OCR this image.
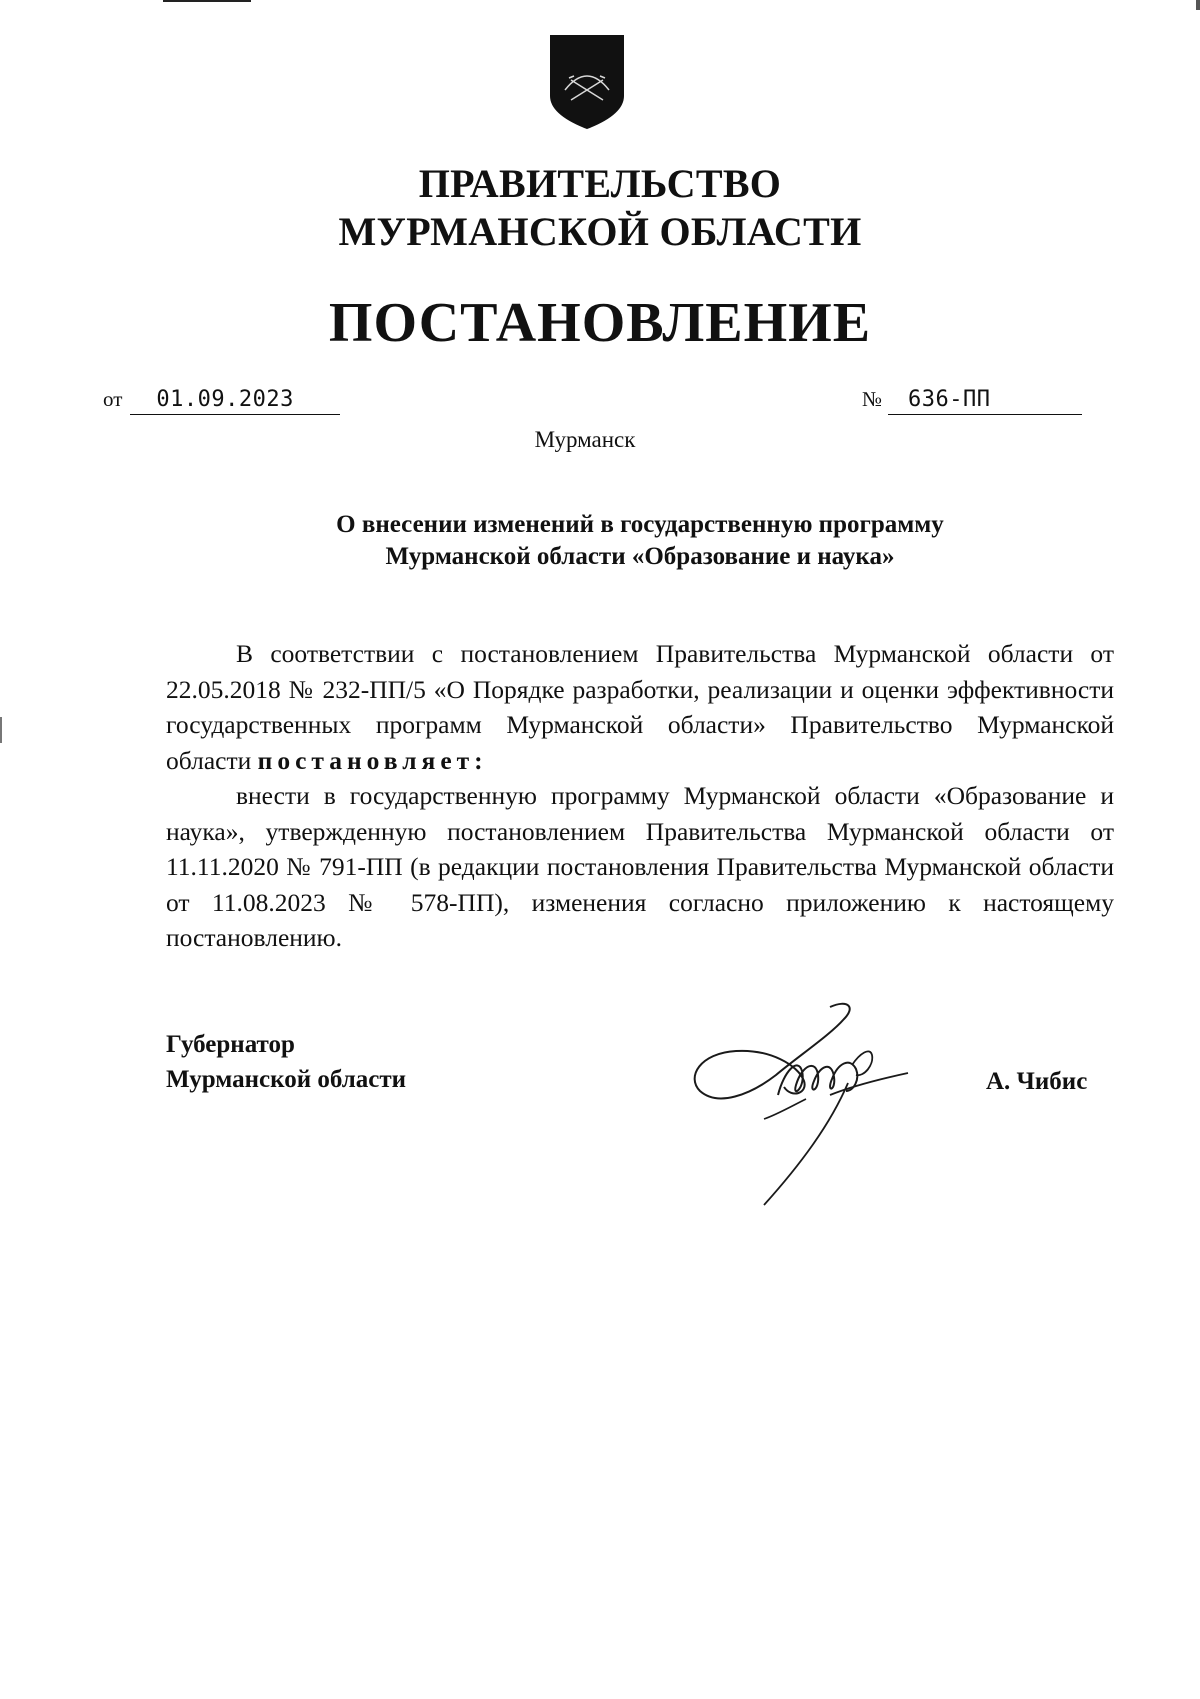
ПРАВИТЕЛЬСТВО
МУРМАНСКОЙ ОБЛАСТИ
ПОСТАНОВЛЕНИЕ
от 01.09.2023	№ 636-ПП
Мурманск
О внесении изменений в государственную программу
Мурманской области «Образование и наука»

В соответствии с постановлением Правительства Мурманской области от 22.05.2018 № 232-ПП/5 «О Порядке разработки, реализации и оценки эффективности государственных программ Мурманской области» Правительство Мурманской области постановляет:

внести в государственную программу Мурманской области «Образование и наука», утвержденную постановлением Правительства Мурманской области от 11.11.2020 № 791-ПП (в редакции постановления Правительства Мурманской области от 11.08.2023 № 578-ПП), изменения согласно приложению к настоящему постановлению.

Губернатор
Мурманской области	А. Чибис
